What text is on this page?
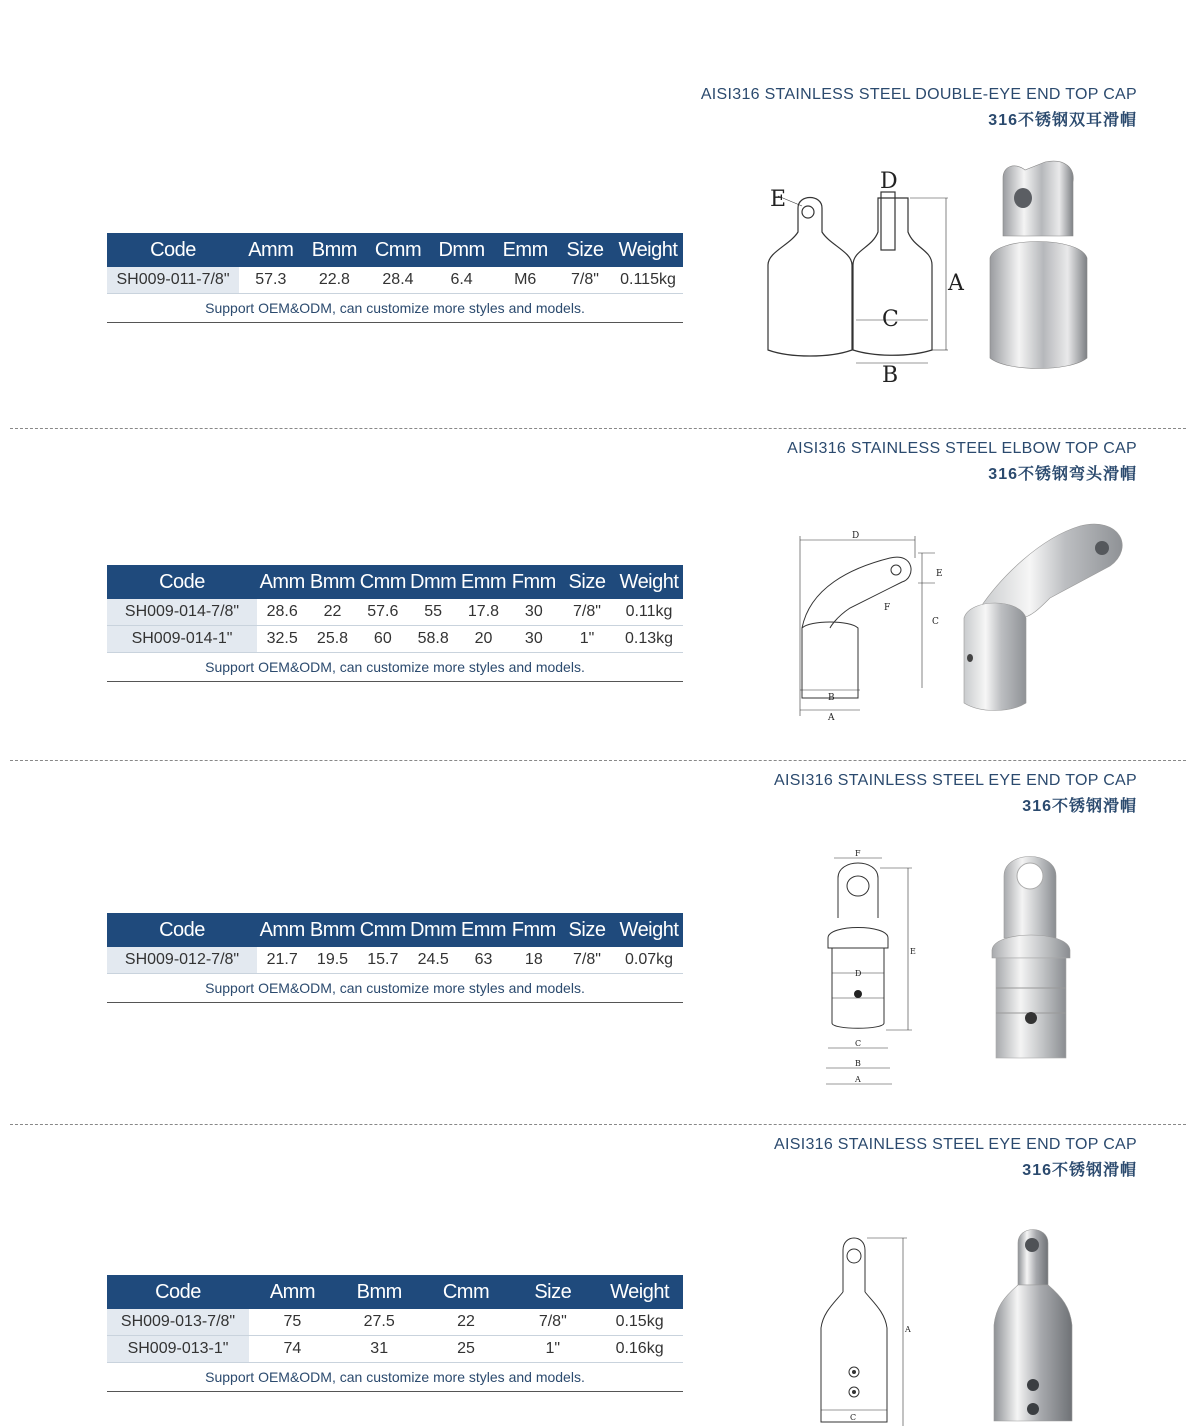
AISI316 STAINLESS STEEL DOUBLE-EYE END TOP CAP
316不锈钢双耳滑帽
Code	Amm	Bmm	Cmm	Dmm	Emm	Size	Weight
SH009-011-7/8"	57.3	22.8	28.4	6.4	M6	7/8"	0.115kg
Support OEM&ODM, can customize more styles and models.							
E
D
A
C
B
AISI316 STAINLESS STEEL ELBOW TOP CAP
316不锈钢弯头滑帽
Code	Amm	Bmm	Cmm	Dmm	Emm	Fmm	Size	Weight
SH009-014-7/8"	28.6	22	57.6	55	17.8	30	7/8"	0.11kg
SH009-014-1"	32.5	25.8	60	58.8	20	30	1"	0.13kg
Support OEM&ODM, can customize more styles and models.								
D
E
F
C
B
A
AISI316 STAINLESS STEEL EYE END TOP CAP
316不锈钢滑帽
Code	Amm	Bmm	Cmm	Dmm	Emm	Fmm	Size	Weight
SH009-012-7/8"	21.7	19.5	15.7	24.5	63	18	7/8"	0.07kg
Support OEM&ODM, can customize more styles and models.								
F
E
D
C
B
A
AISI316 STAINLESS STEEL EYE END TOP CAP
316不锈钢滑帽
Code	Amm	Bmm	Cmm	Size	Weight
SH009-013-7/8"	75	27.5	22	7/8"	0.15kg
SH009-013-1"	74	31	25	1"	0.16kg
Support OEM&ODM, can customize more styles and models.					
A
C
